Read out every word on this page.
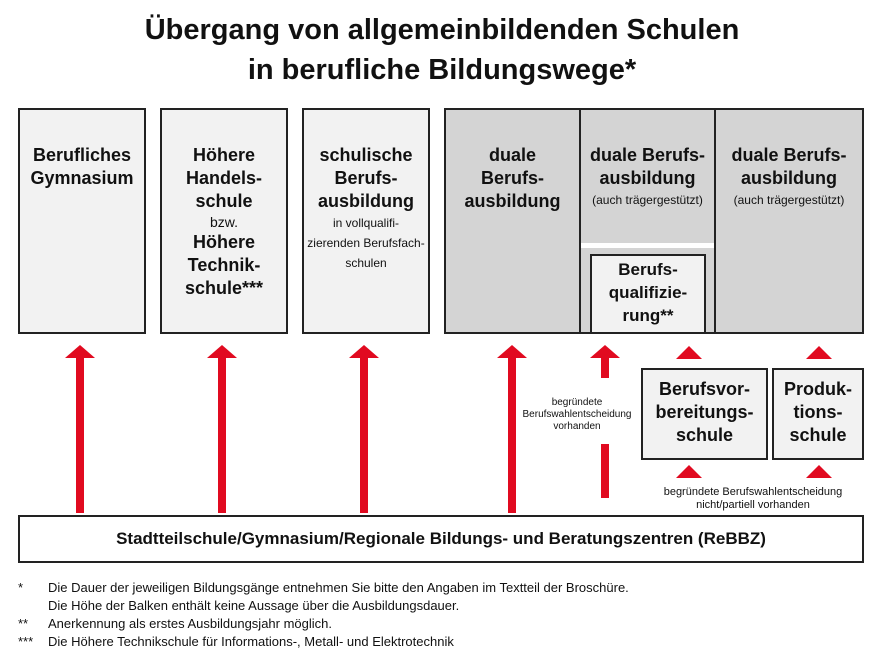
Übergang von allgemeinbildenden Schulen
in berufliche Bildungswege*
Berufliches
Gymnasium
Höhere
Handels-
schule
bzw.
Höhere
Technik-
schule***
schulische
Berufs-
ausbildung
in vollqualifi-
zierenden Berufsfach-
schulen
duale
Berufs-
ausbildung
duale Berufs-
ausbildung
(auch trägergestützt)
duale Berufs-
ausbildung
(auch trägergestützt)
Berufs-
qualifizie-
rung**
begründete
Berufswahlentscheidung
vorhanden
Berufsvor-
bereitungs-
schule
Produk-
tions-
schule
begründete Berufswahlentscheidung
nicht/partiell vorhanden
Stadtteilschule/Gymnasium/Regionale Bildungs- und Beratungszentren (ReBBZ)
* Die Dauer der jeweiligen Bildungsgänge entnehmen Sie bitte den Angaben im Textteil der Broschüre.
Die Höhe der Balken enthält keine Aussage über die Ausbildungsdauer.
** Anerkennung als erstes Ausbildungsjahr möglich.
*** Die Höhere Technikschule für Informations-, Metall- und Elektrotechnik
